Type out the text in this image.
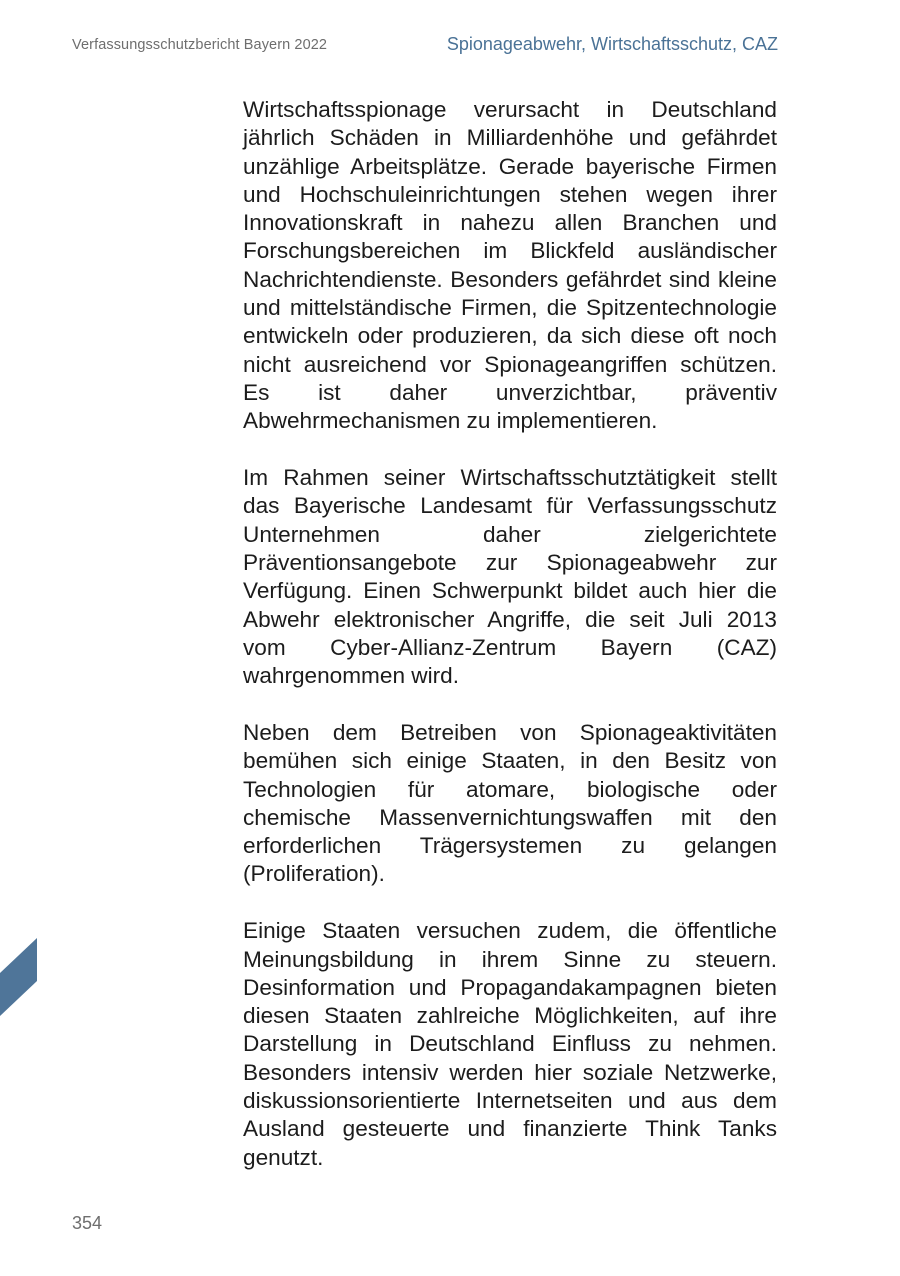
Verfassungsschutzbericht Bayern 2022	Spionageabwehr, Wirtschaftsschutz, CAZ

Wirtschaftsspionage verursacht in Deutschland jährlich Schäden in Milliardenhöhe und gefährdet unzählige Arbeitsplätze. Gerade bayerische Firmen und Hochschuleinrichtungen stehen wegen ihrer Innovationskraft in nahezu allen Branchen und Forschungsbereichen im Blickfeld ausländischer Nachrichtendienste. Besonders gefährdet sind kleine und mittelständische Firmen, die Spitzentechnologie entwickeln oder produzieren, da sich diese oft noch nicht ausreichend vor Spionageangriffen schützen. Es ist daher unverzichtbar, präventiv Abwehrmechanismen zu implementieren.

Im Rahmen seiner Wirtschaftsschutztätigkeit stellt das Bayerische Landesamt für Verfassungsschutz Unternehmen daher zielgerichtete Präventionsangebote zur Spionageabwehr zur Verfügung. Einen Schwerpunkt bildet auch hier die Abwehr elektronischer Angriffe, die seit Juli 2013 vom Cyber-Allianz-Zentrum Bayern (CAZ) wahrgenommen wird.

Neben dem Betreiben von Spionageaktivitäten bemühen sich einige Staaten, in den Besitz von Technologien für atomare, biologische oder chemische Massenvernichtungswaffen mit den erforderlichen Trägersystemen zu gelangen (Proliferation).

Einige Staaten versuchen zudem, die öffentliche Meinungsbildung in ihrem Sinne zu steuern. Desinformation und Propagandakampagnen bieten diesen Staaten zahlreiche Möglichkeiten, auf ihre Darstellung in Deutschland Einfluss zu nehmen. Besonders intensiv werden hier soziale Netzwerke, diskussionsorientierte Internetseiten und aus dem Ausland gesteuerte und finanzierte Think Tanks genutzt.

354
